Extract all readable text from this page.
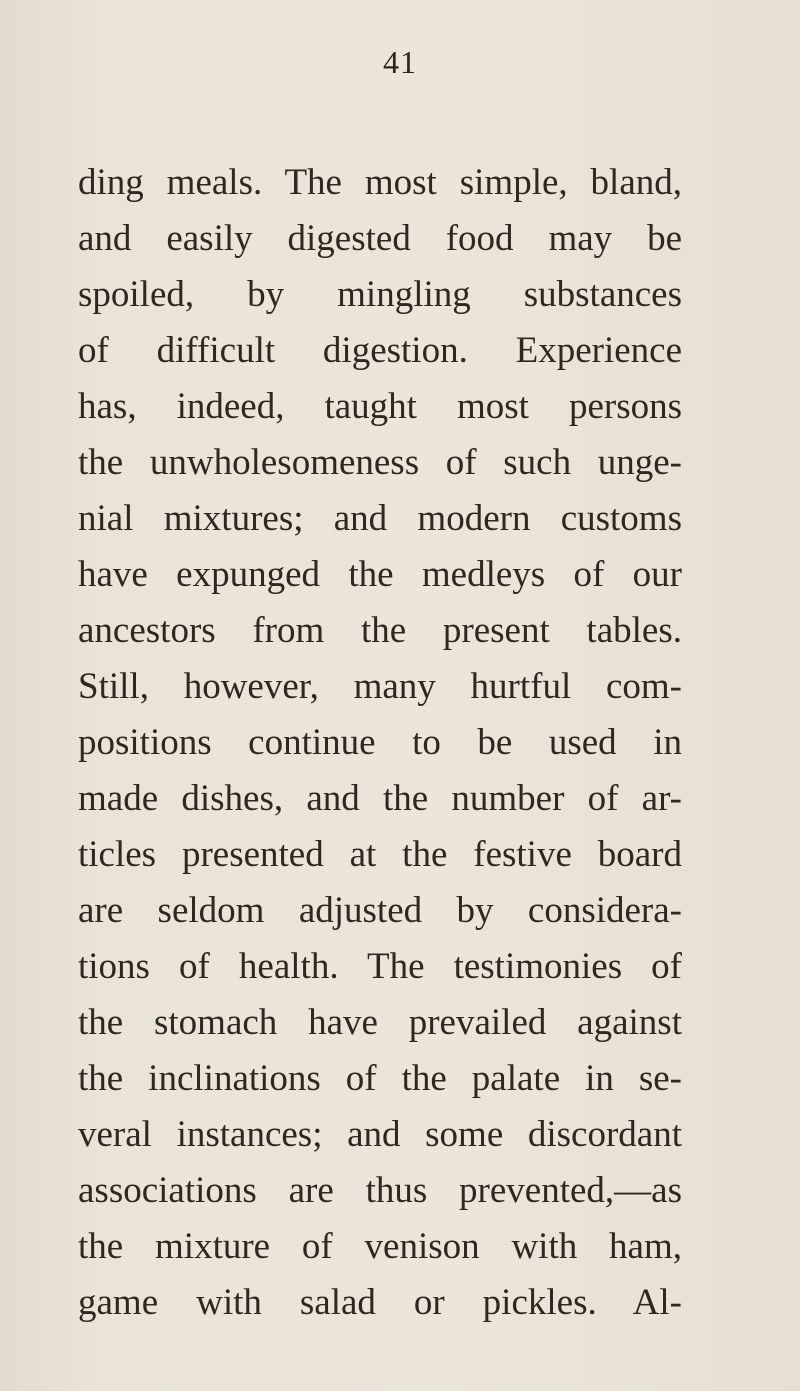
41
ding meals. The most simple, bland,
and easily digested food may be
spoiled, by mingling substances
of difficult digestion. Experience
has, indeed, taught most persons
the unwholesomeness of such unge-
nial mixtures; and modern customs
have expunged the medleys of our
ancestors from the present tables.
Still, however, many hurtful com-
positions continue to be used in
made dishes, and the number of ar-
ticles presented at the festive board
are seldom adjusted by considera-
tions of health. The testimonies of
the stomach have prevailed against
the inclinations of the palate in se-
veral instances; and some discordant
associations are thus prevented,—as
the mixture of venison with ham,
game with salad or pickles. Al-
